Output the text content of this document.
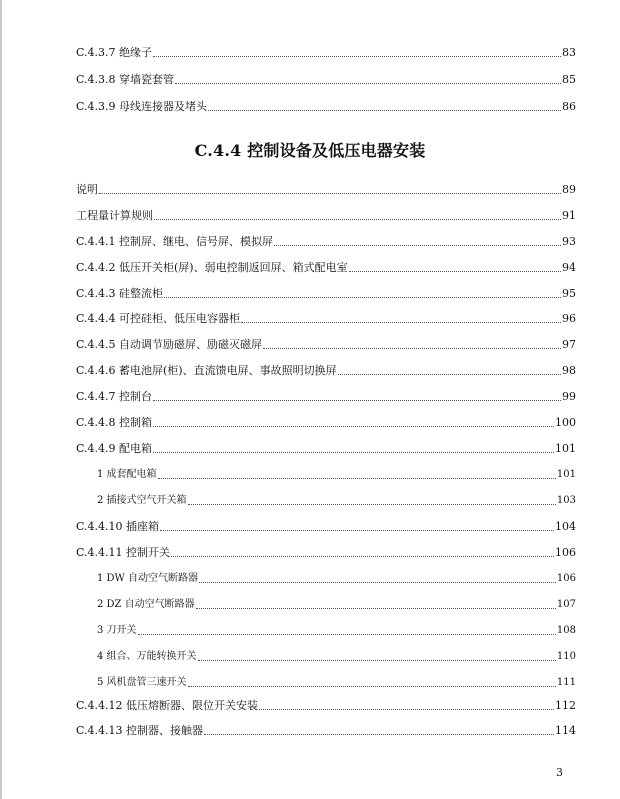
C.4.3.7 绝缘子	83
C.4.3.8 穿墙瓷套管	85
C.4.3.9 母线连接器及堵头	86
C.4.4 控制设备及低压电器安装
说明	89
工程量计算规则	91
C.4.4.1 控制屏、继电、信号屏、模拟屏	93
C.4.4.2 低压开关柜(屏)、弱电控制返回屏、箱式配电室	94
C.4.4.3 硅整流柜	95
C.4.4.4 可控硅柜、低压电容器柜	96
C.4.4.5 自动调节励磁屏、励磁灭磁屏	97
C.4.4.6 蓄电池屏(柜)、直流馈电屏、事故照明切换屏	98
C.4.4.7 控制台	99
C.4.4.8 控制箱	100
C.4.4.9 配电箱	101
1 成套配电箱	101
2 插接式空气开关箱	103
C.4.4.10 插座箱	104
C.4.4.11 控制开关	106
1 DW 自动空气断路器	106
2 DZ 自动空气断路器	107
3 刀开关	108
4 组合、万能转换开关	110
5 风机盘管三速开关	111
C.4.4.12 低压熔断器、限位开关安装	112
C.4.4.13 控制器、接触器	114
3
